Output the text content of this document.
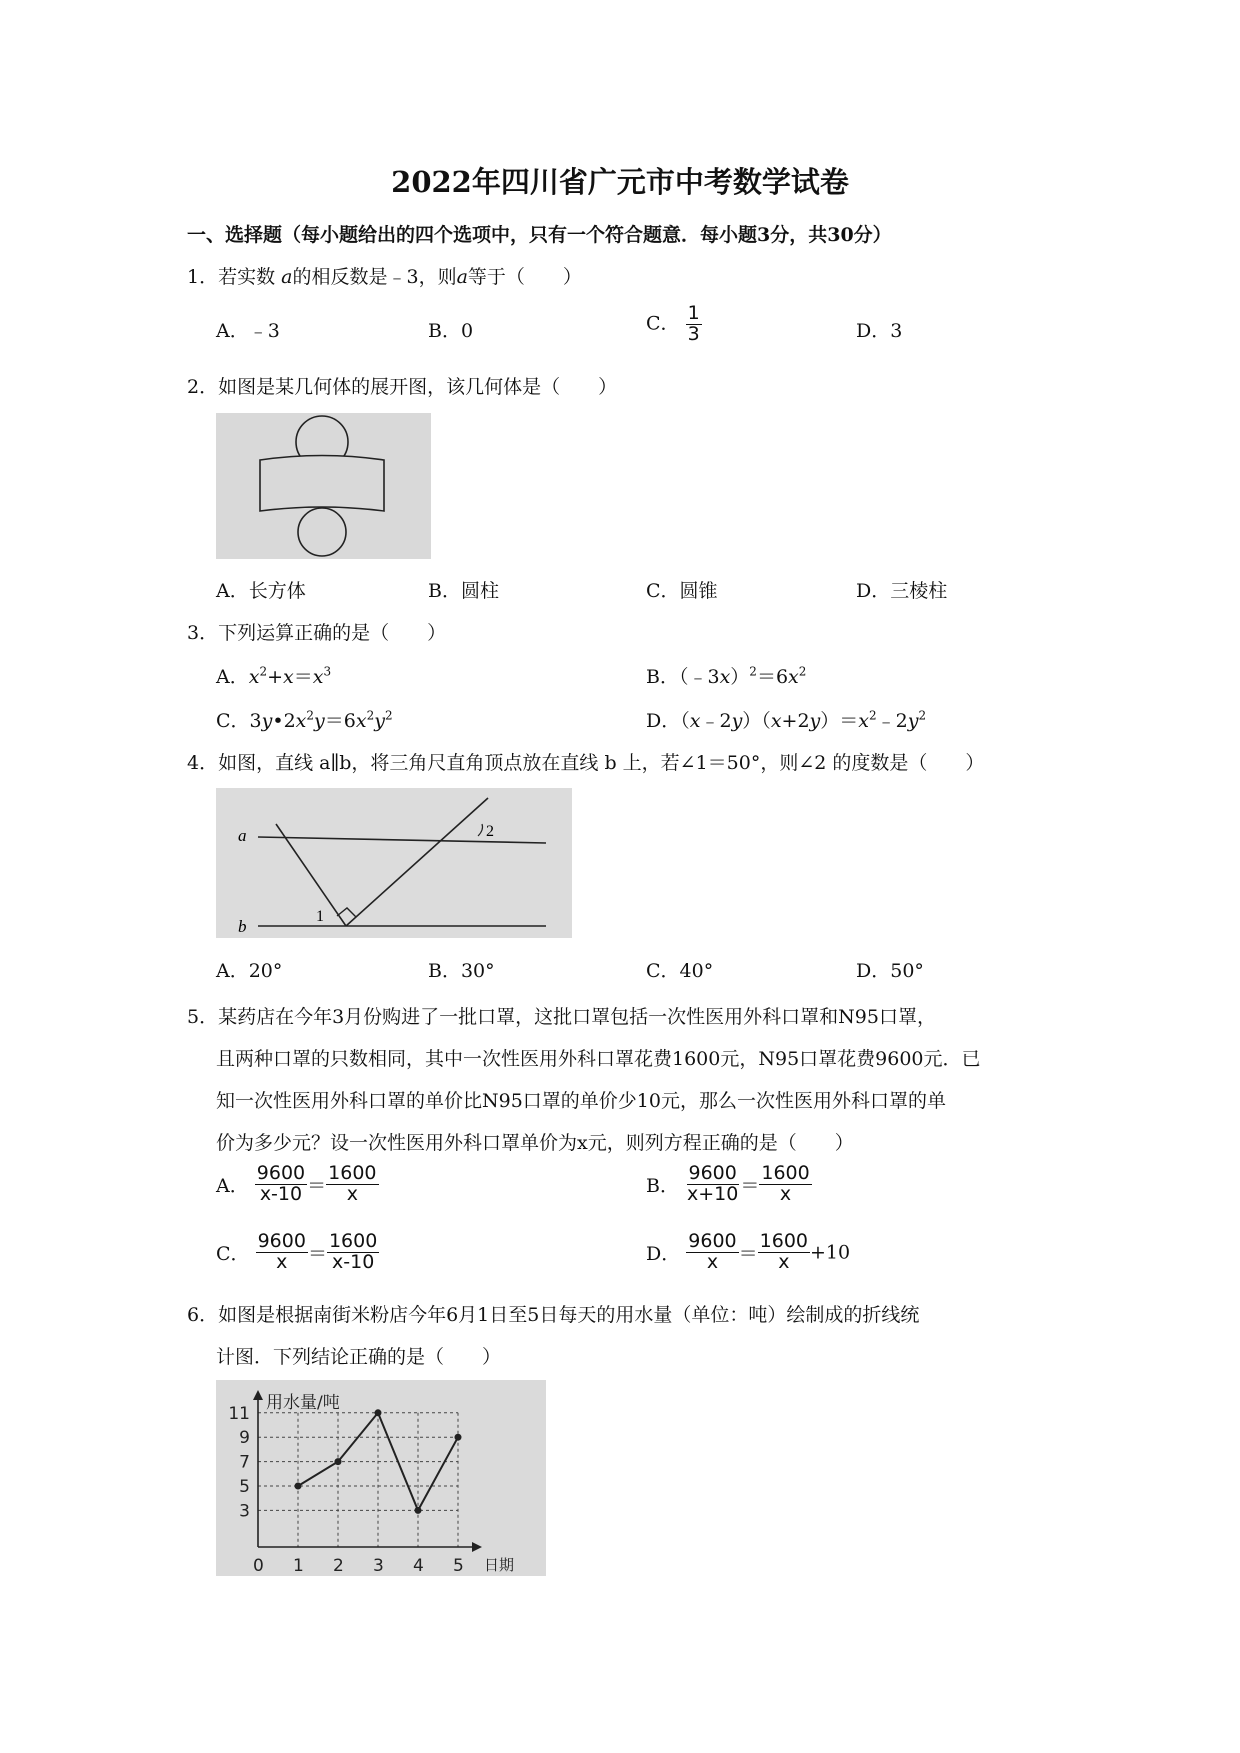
2022年四川省广元市中考数学试卷
一、选择题（每小题给出的四个选项中，只有一个符合题意．每小题3分，共30分）
1．若实数 a的相反数是﹣3，则a等于（　　）
A．﹣3	B．0	C． $\frac{1}{3}$	D．3
2．如图是某几何体的展开图，该几何体是（　　）
A．长方体	B．圆柱	C．圆锥	D．三棱柱
3．下列运算正确的是（　　）
A．$x^2+x=x^3$	B．$(﹣3x)^2=6x^2$
C．$3y•2x^2y=6x^2y^2$	D．$(x﹣2y)(x+2y)=x^2﹣2y^2$
4．如图，直线 a∥b，将三角尺直角顶点放在直线 b 上，若∠1＝50°，则∠2 的度数是（　　）
a
b
1
2
A．20°	B．30°	C．40°	D．50°
5．某药店在今年3月份购进了一批口罩，这批口罩包括一次性医用外科口罩和N95口罩，
且两种口罩的只数相同，其中一次性医用外科口罩花费1600元，N95口罩花费9600元．已
知一次性医用外科口罩的单价比N95口罩的单价少10元，那么一次性医用外科口罩的单
价为多少元？设一次性医用外科口罩单价为x元，则列方程正确的是（　　）
A． $\frac{9600}{x-10} = \frac{1600}{x}$	B． $\frac{9600}{x+10} = \frac{1600}{x}$
C． $\frac{9600}{x} = \frac{1600}{x-10}$	D． $\frac{9600}{x} = \frac{1600}{x} +10$
6．如图是根据南街米粉店今年6月1日至5日每天的用水量（单位：吨）绘制成的折线统
计图．下列结论正确的是（　　）
0 1 2 3 4 5
3
5
7
9
11
用水量/吨
日期
